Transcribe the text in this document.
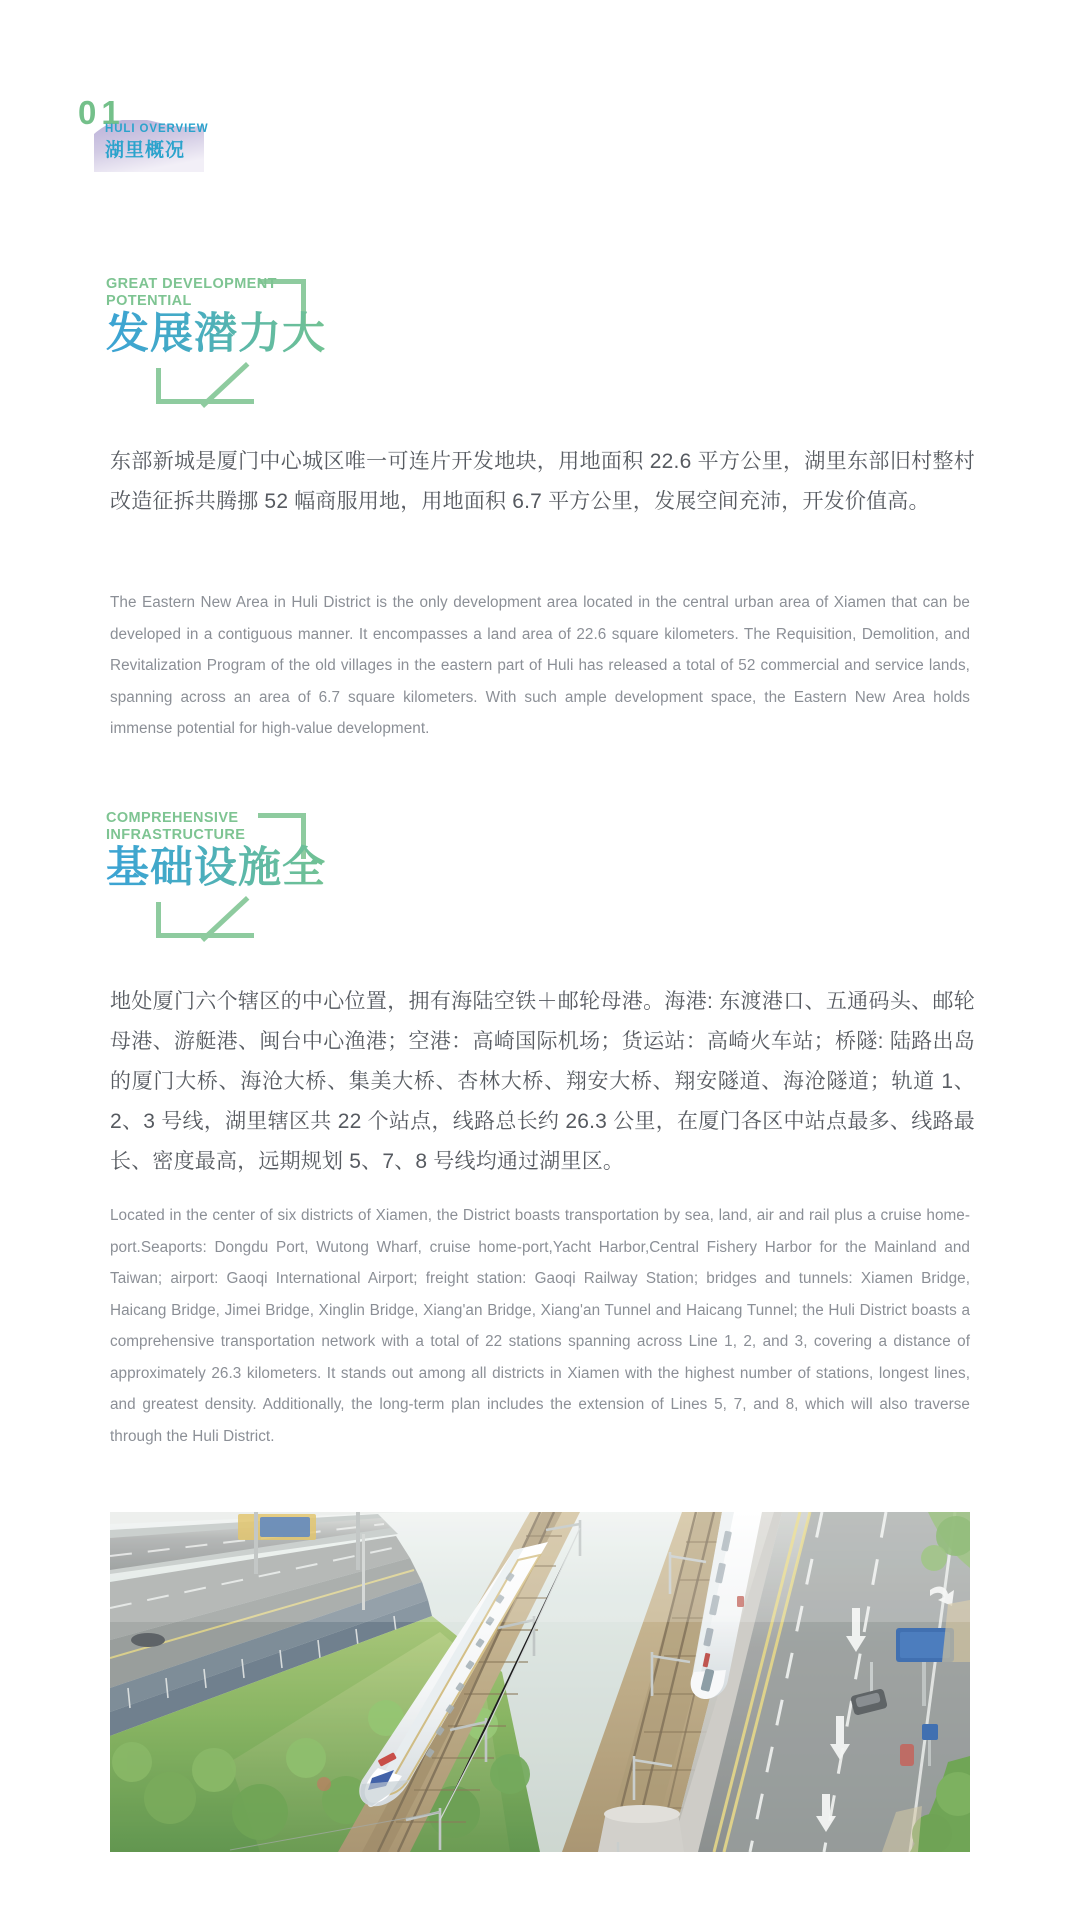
01
HULI OVERVIEW
湖里概况
GREAT DEVELOPMENT
POTENTIAL
发展潜力大
东部新城是厦门中心城区唯一可连片开发地块，用地面积 22.6 平方公里，湖里东部旧村整村改造征拆共腾挪 52 幅商服用地，用地面积 6.7 平方公里，发展空间充沛，开发价值高。
The Eastern New Area in Huli District is the only development area located in the central urban area of Xiamen that can be developed in a contiguous manner. It encompasses a land area of 22.6 square kilometers. The Requisition, Demolition, and Revitalization Program of the old villages in the eastern part of Huli has released a total of 52 commercial and service lands, spanning across an area of 6.7 square kilometers. With such ample development space, the Eastern New Area holds immense potential for high-value development.
COMPREHENSIVE
INFRASTRUCTURE
基础设施全
地处厦门六个辖区的中心位置，拥有海陆空铁＋邮轮母港。海港: 东渡港口、五通码头、邮轮母港、游艇港、闽台中心渔港；空港：高崎国际机场；货运站：高崎火车站；桥隧: 陆路出岛的厦门大桥、海沧大桥、集美大桥、杏林大桥、翔安大桥、翔安隧道、海沧隧道；轨道 1、2、3 号线，湖里辖区共 22 个站点，线路总长约 26.3 公里，在厦门各区中站点最多、线路最长、密度最高，远期规划 5、7、8 号线均通过湖里区。
Located in the center of six districts of Xiamen, the District boasts transportation by sea, land, air and rail plus a cruise home-port.Seaports: Dongdu Port, Wutong Wharf, cruise home-port,Yacht Harbor,Central Fishery Harbor for the Mainland and Taiwan; airport: Gaoqi International Airport; freight station: Gaoqi Railway Station; bridges and tunnels: Xiamen Bridge, Haicang Bridge, Jimei Bridge, Xinglin Bridge, Xiang'an Bridge, Xiang'an Tunnel and Haicang Tunnel; the Huli District boasts a comprehensive transportation network with a total of 22 stations spanning across Line 1, 2, and 3, covering a distance of approximately 26.3 kilometers. It stands out among all districts in Xiamen with the highest number of stations, longest lines, and greatest density. Additionally, the long-term plan includes the extension of Lines 5, 7, and 8, which will also traverse through the Huli District.
